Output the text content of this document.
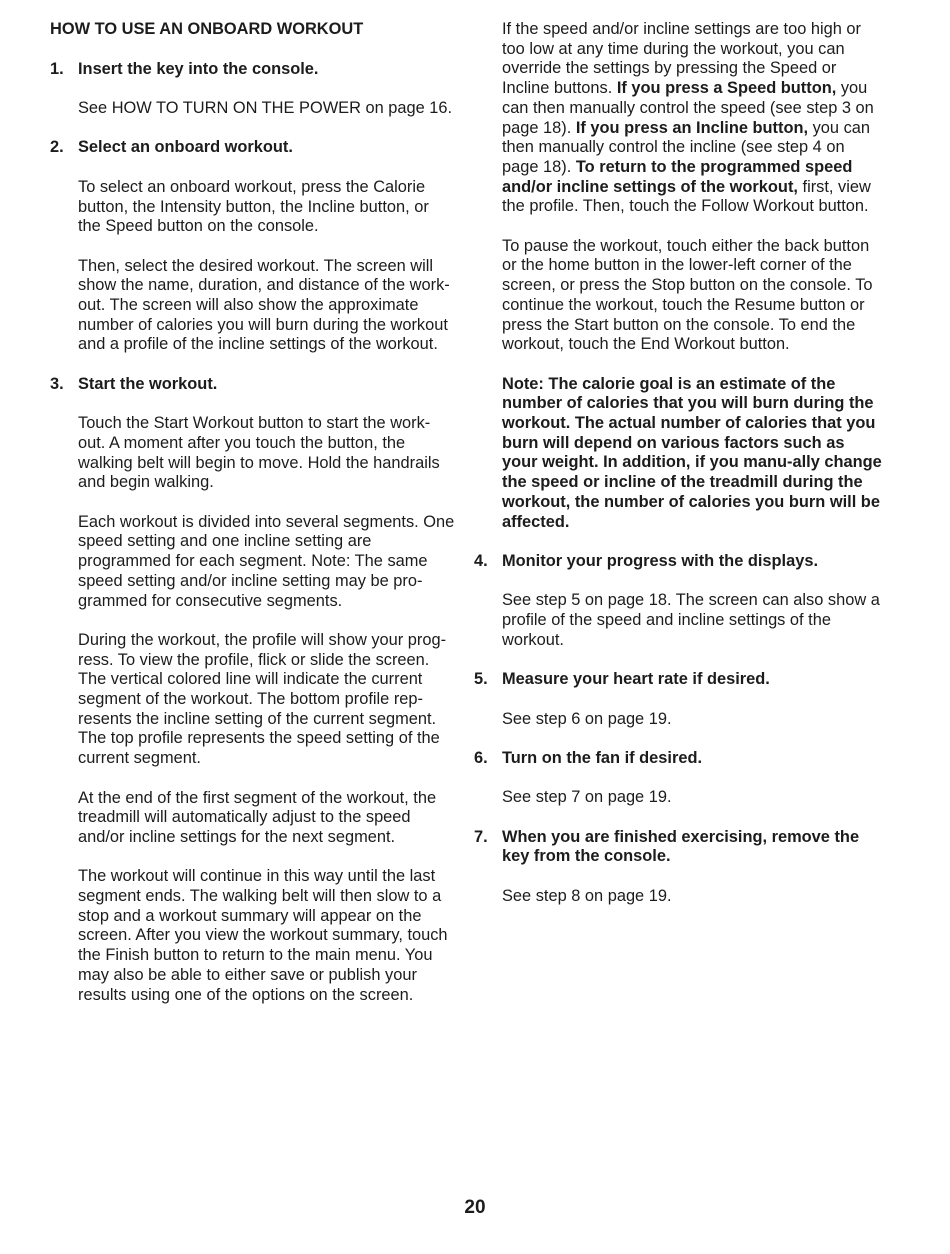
HOW TO USE AN ONBOARD WORKOUT
1. Insert the key into the console.

See HOW TO TURN ON THE POWER on page 16.

2. Select an onboard workout.

To select an onboard workout, press the Calorie button, the Intensity button, the Incline button, or the Speed button on the console.

Then, select the desired workout. The screen will show the name, duration, and distance of the work-out. The screen will also show the approximate number of calories you will burn during the workout and a profile of the incline settings of the workout.

3. Start the workout.

Touch the Start Workout button to start the work-out. A moment after you touch the button, the walking belt will begin to move. Hold the handrails and begin walking.

Each workout is divided into several segments. One speed setting and one incline setting are programmed for each segment. Note: The same speed setting and/or incline setting may be pro-grammed for consecutive segments.

During the workout, the profile will show your prog-ress. To view the profile, flick or slide the screen. The vertical colored line will indicate the current segment of the workout. The bottom profile rep-resents the incline setting of the current segment. The top profile represents the speed setting of the current segment.

At the end of the first segment of the workout, the treadmill will automatically adjust to the speed and/or incline settings for the next segment.

The workout will continue in this way until the last segment ends. The walking belt will then slow to a stop and a workout summary will appear on the screen. After you view the workout summary, touch the Finish button to return to the main menu. You may also be able to either save or publish your results using one of the options on the screen.

If the speed and/or incline settings are too high or too low at any time during the workout, you can override the settings by pressing the Speed or Incline buttons. If you press a Speed button, you can then manually control the speed (see step 3 on page 18). If you press an Incline button, you can then manually control the incline (see step 4 on page 18). To return to the programmed speed and/or incline settings of the workout, first, view the profile. Then, touch the Follow Workout button.

To pause the workout, touch either the back button or the home button in the lower-left corner of the screen, or press the Stop button on the console. To continue the workout, touch the Resume button or press the Start button on the console. To end the workout, touch the End Workout button.

Note: The calorie goal is an estimate of the number of calories that you will burn during the workout. The actual number of calories that you burn will depend on various factors such as your weight. In addition, if you manu-ally change the speed or incline of the treadmill during the workout, the number of calories you burn will be affected.

4. Monitor your progress with the displays.

See step 5 on page 18. The screen can also show a profile of the speed and incline settings of the workout.

5. Measure your heart rate if desired.

See step 6 on page 19.

6. Turn on the fan if desired.

See step 7 on page 19.

7. When you are finished exercising, remove the key from the console.

See step 8 on page 19.

20
